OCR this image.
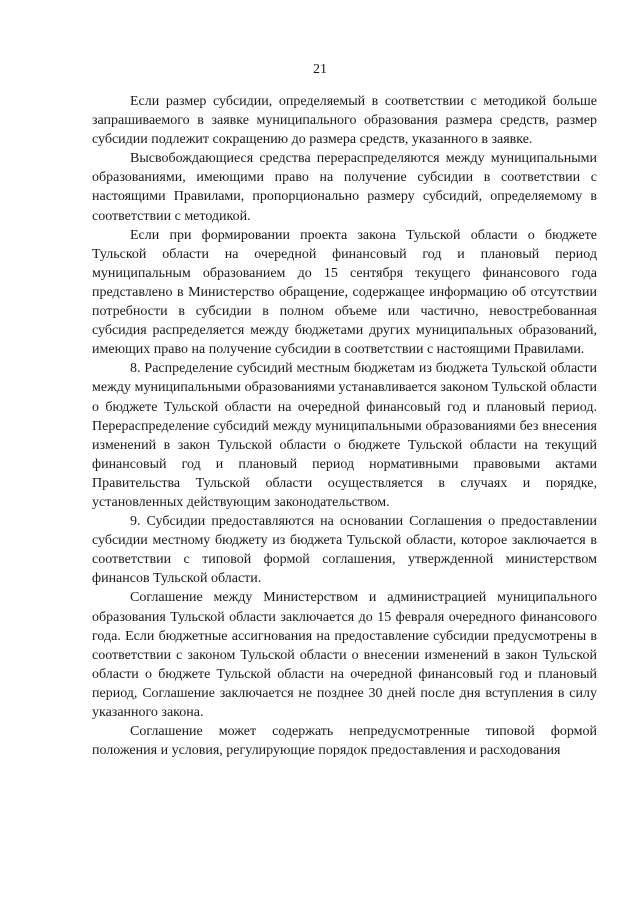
21

Если размер субсидии, определяемый в соответствии с методикой больше запрашиваемого в заявке муниципального образования размера средств, размер субсидии подлежит сокращению до размера средств, указанного в заявке.

Высвобождающиеся средства перераспределяются между муниципальными образованиями, имеющими право на получение субсидии в соответствии с настоящими Правилами, пропорционально размеру субсидий, определяемому в соответствии с методикой.

Если при формировании проекта закона Тульской области о бюджете Тульской области на очередной финансовый год и плановый период муниципальным образованием до 15 сентября текущего финансового года представлено в Министерство обращение, содержащее информацию об отсутствии потребности в субсидии в полном объеме или частично, невостребованная субсидия распределяется между бюджетами других муниципальных образований, имеющих право на получение субсидии в соответствии с настоящими Правилами.

8. Распределение субсидий местным бюджетам из бюджета Тульской области между муниципальными образованиями устанавливается законом Тульской области о бюджете Тульской области на очередной финансовый год и плановый период. Перераспределение субсидий между муниципальными образованиями без внесения изменений в закон Тульской области о бюджете Тульской области на текущий финансовый год и плановый период нормативными правовыми актами Правительства Тульской области осуществляется в случаях и порядке, установленных действующим законодательством.

9. Субсидии предоставляются на основании Соглашения о предоставлении субсидии местному бюджету из бюджета Тульской области, которое заключается в соответствии с типовой формой соглашения, утвержденной министерством финансов Тульской области.

Соглашение между Министерством и администрацией муниципального образования Тульской области заключается до 15 февраля очередного финансового года. Если бюджетные ассигнования на предоставление субсидии предусмотрены в соответствии с законом Тульской области о внесении изменений в закон Тульской области о бюджете Тульской области на очередной финансовый год и плановый период, Соглашение заключается не позднее 30 дней после дня вступления в силу указанного закона.

Соглашение может содержать непредусмотренные типовой формой положения и условия, регулирующие порядок предоставления и расходования
